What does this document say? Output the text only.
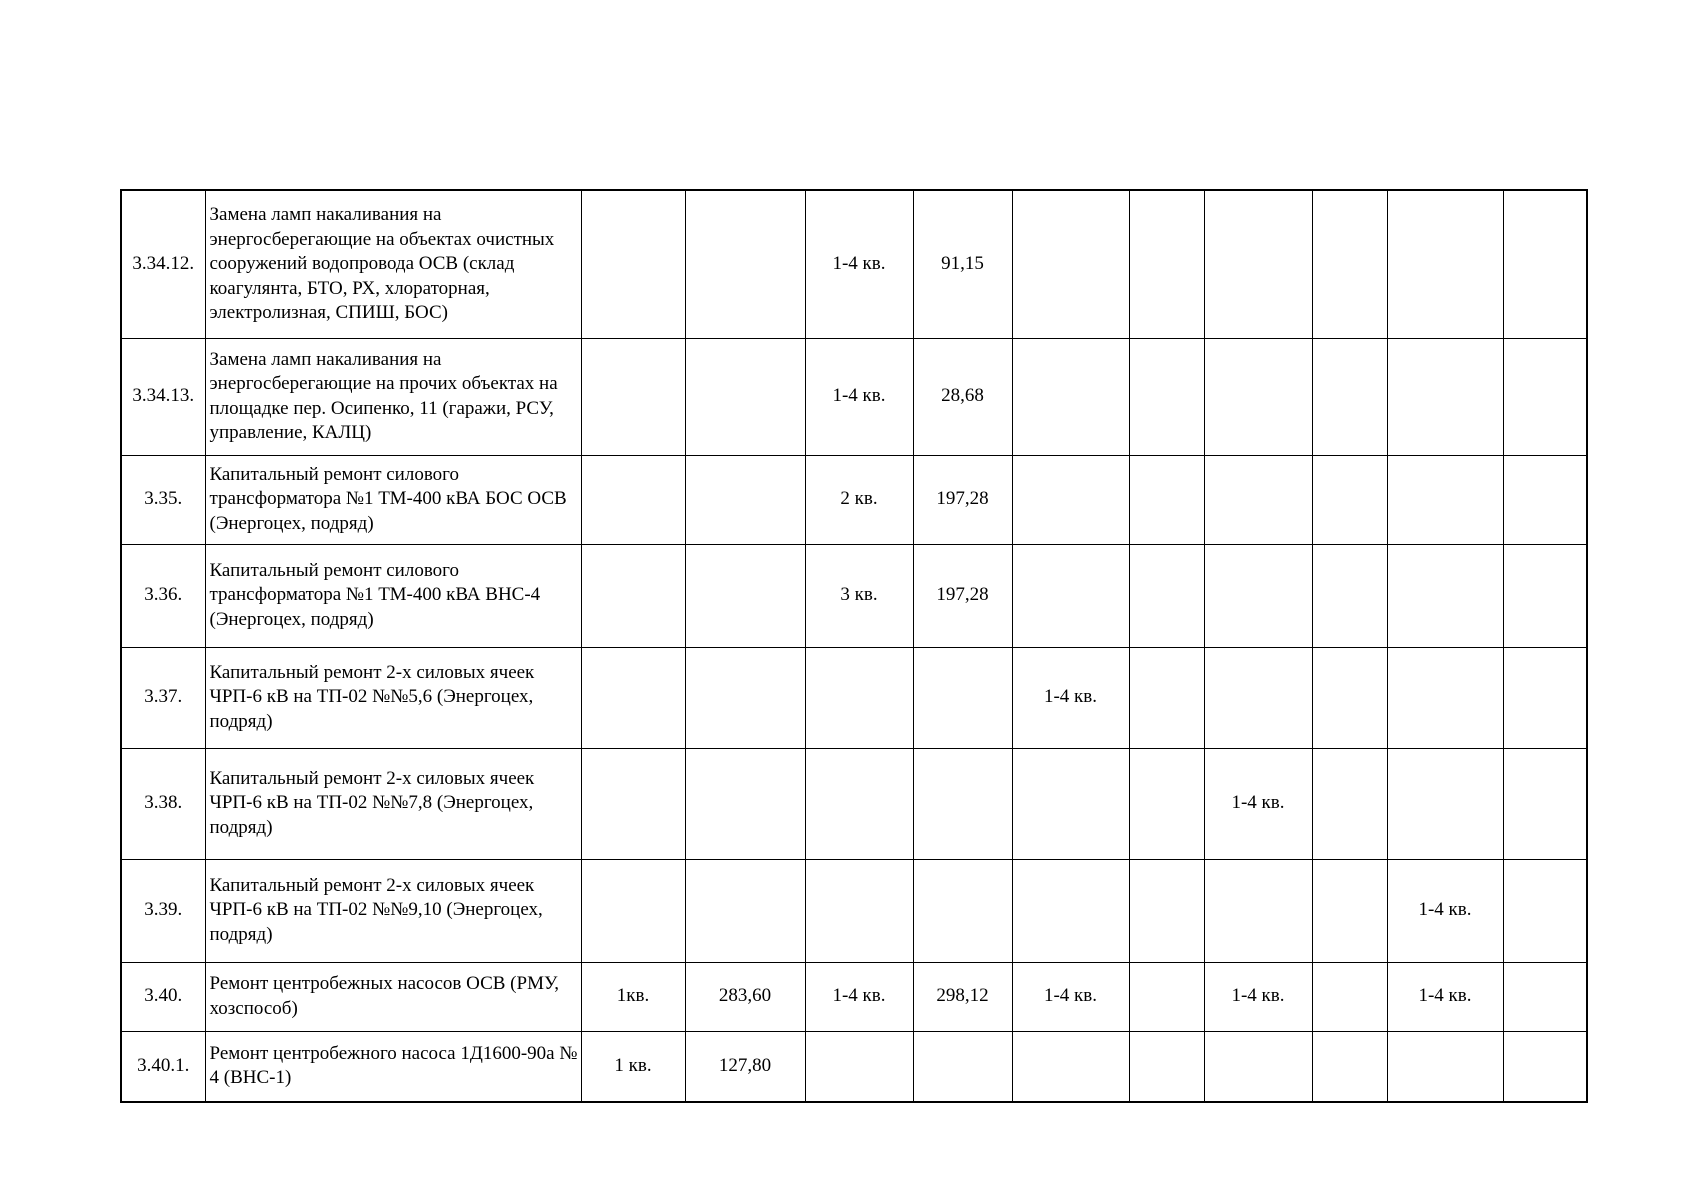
3.34.12.	Замена ламп накаливания на энергосберегающие на объектах очистных сооружений водопровода ОСВ (склад коагулянта, БТО, РХ, хлораторная, электролизная, СПИШ, БОС)			1-4 кв.	91,15						
3.34.13.	Замена ламп накаливания на энергосберегающие на прочих объектах на площадке пер. Осипенко, 11 (гаражи, РСУ, управление, КАЛЦ)			1-4 кв.	28,68						
3.35.	Капитальный ремонт силового трансформатора №1 ТМ-400 кВА БОС ОСВ (Энергоцех, подряд)			2 кв.	197,28						
3.36.	Капитальный ремонт силового трансформатора №1 ТМ-400 кВА ВНС-4 (Энергоцех, подряд)			3 кв.	197,28						
3.37.	Капитальный ремонт 2-х силовых ячеек ЧРП-6 кВ на ТП-02 №№5,6 (Энергоцех, подряд)					1-4 кв.					
3.38.	Капитальный ремонт 2-х силовых ячеек ЧРП-6 кВ на ТП-02 №№7,8 (Энергоцех, подряд)							1-4 кв.			
3.39.	Капитальный ремонт 2-х силовых ячеек ЧРП-6 кВ на ТП-02 №№9,10 (Энергоцех, подряд)									1-4 кв.	
3.40.	Ремонт центробежных насосов ОСВ (РМУ, хозспособ)	1кв.	283,60	1-4 кв.	298,12	1-4 кв.		1-4 кв.		1-4 кв.	
3.40.1.	Ремонт центробежного насоса 1Д1600-90а № 4 (ВНС-1)	1 кв.	127,80								
